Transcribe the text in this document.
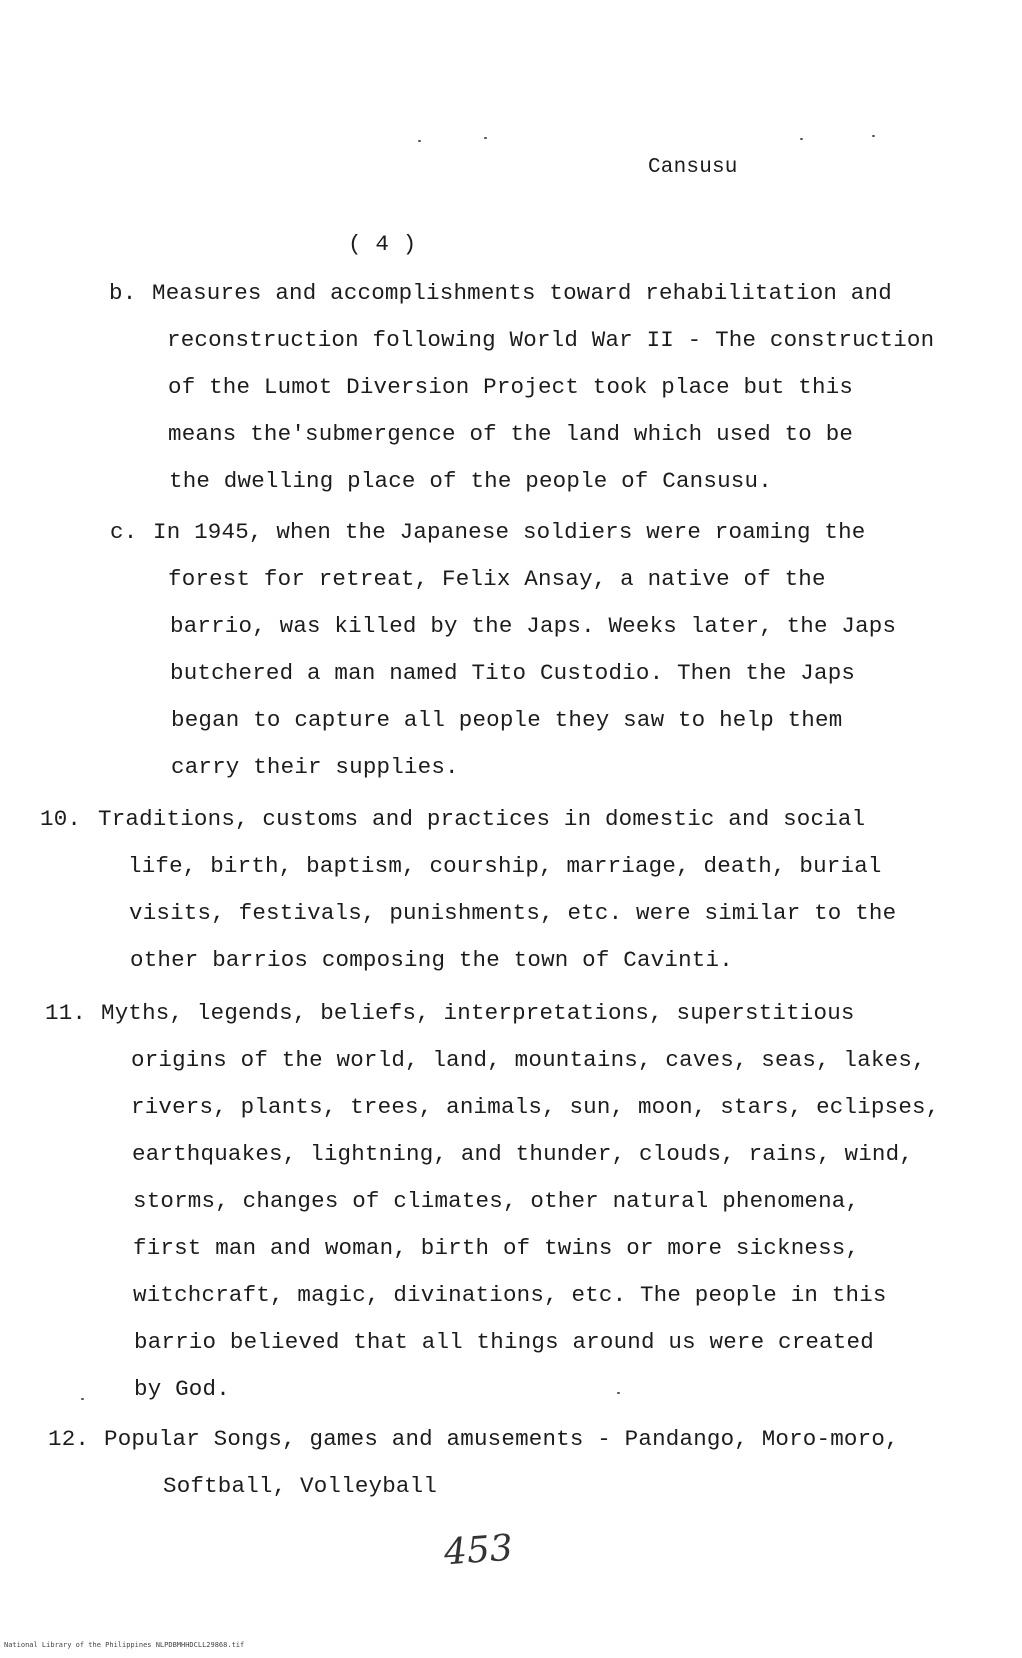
Cansusu
( 4 )
b. Measures and accomplishments toward rehabilitation and
reconstruction following World War II - The construction
of the Lumot Diversion Project took place but this
means the'submergence of the land which used to be
the dwelling place of the people of Cansusu.
c. In 1945, when the Japanese soldiers were roaming the
forest for retreat, Felix Ansay, a native of the
barrio, was killed by the Japs. Weeks later, the Japs
butchered a man named Tito Custodio. Then the Japs
began to capture all people they saw to help them
carry their supplies.
10. Traditions, customs and practices in domestic and social
life, birth, baptism, courship, marriage, death, burial
visits, festivals, punishments, etc. were similar to the
other barrios composing the town of Cavinti.
11. Myths, legends, beliefs, interpretations, superstitious
origins of the world, land, mountains, caves, seas, lakes,
rivers, plants, trees, animals, sun, moon, stars, eclipses,
earthquakes, lightning, and thunder, clouds, rains, wind,
storms, changes of climates, other natural phenomena,
first man and woman, birth of twins or more sickness,
witchcraft, magic, divinations, etc. The people in this
barrio believed that all things around us were created
by God.
12. Popular Songs, games and amusements - Pandango, Moro-moro,
Softball, Volleyball
453
National Library of the Philippines NLPDBMHHDCLL29868.tif
